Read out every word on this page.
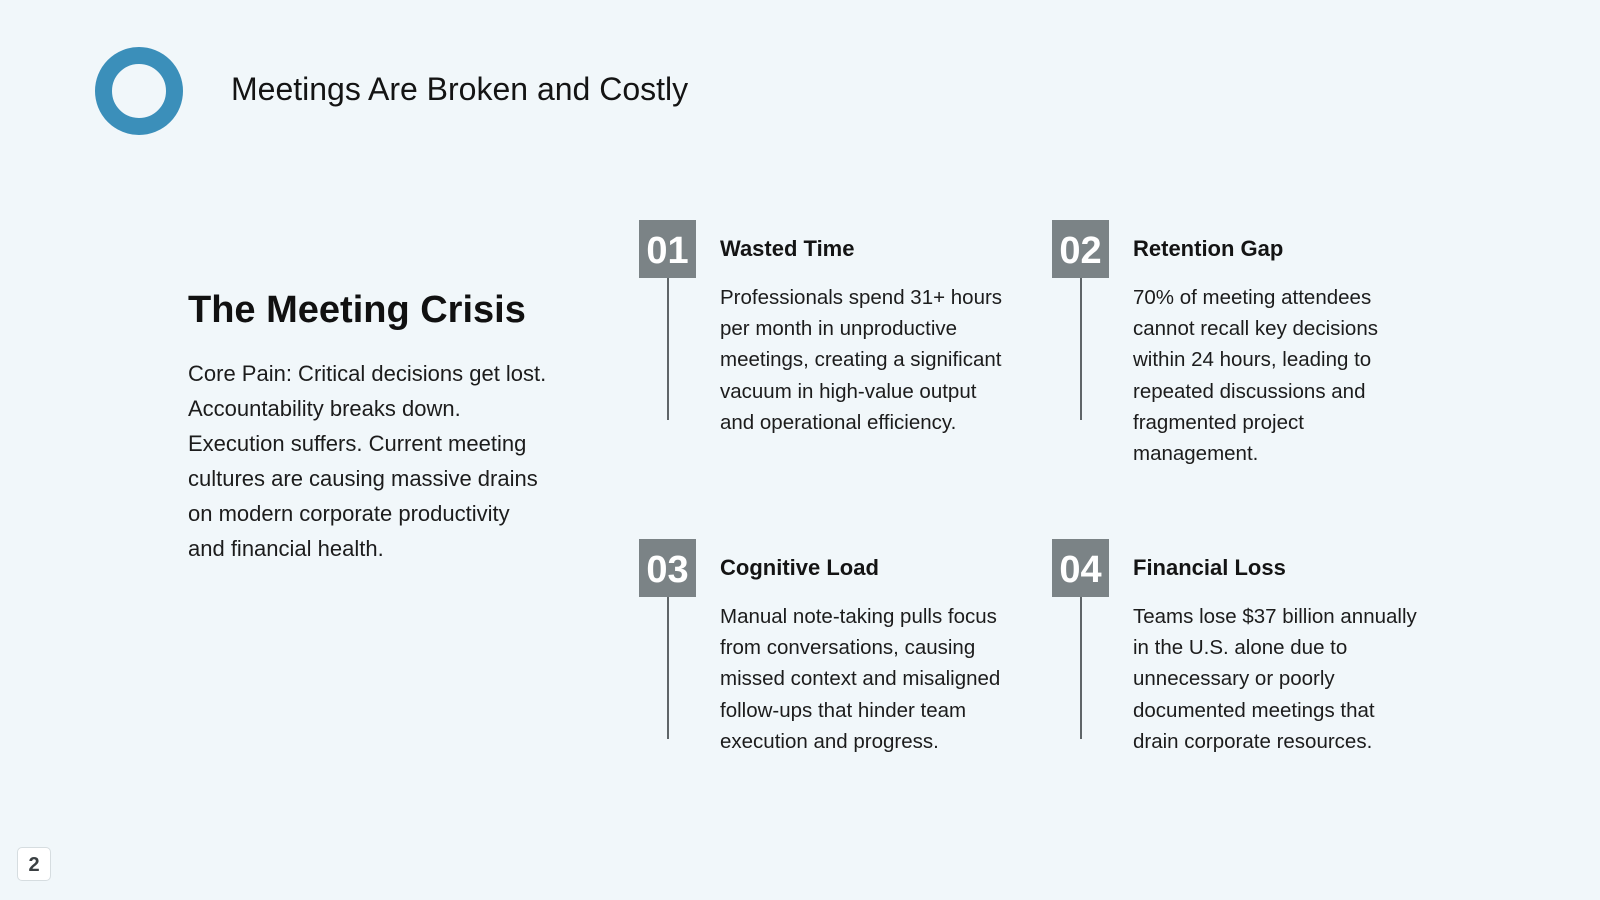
Meetings Are Broken and Costly
The Meeting Crisis

Core Pain: Critical decisions get lost. Accountability breaks down. Execution suffers. Current meeting cultures are causing massive drains on modern corporate productivity and financial health.

01	Wasted Time

Professionals spend 31+ hours per month in unproductive meetings, creating a significant vacuum in high-value output and operational efficiency.

02	Retention Gap

70% of meeting attendees cannot recall key decisions within 24 hours, leading to repeated discussions and fragmented project management.

03	Cognitive Load

Manual note-taking pulls focus from conversations, causing missed context and misaligned follow-ups that hinder team execution and progress.

04	Financial Loss

Teams lose $37 billion annually in the U.S. alone due to unnecessary or poorly documented meetings that drain corporate resources.

2
